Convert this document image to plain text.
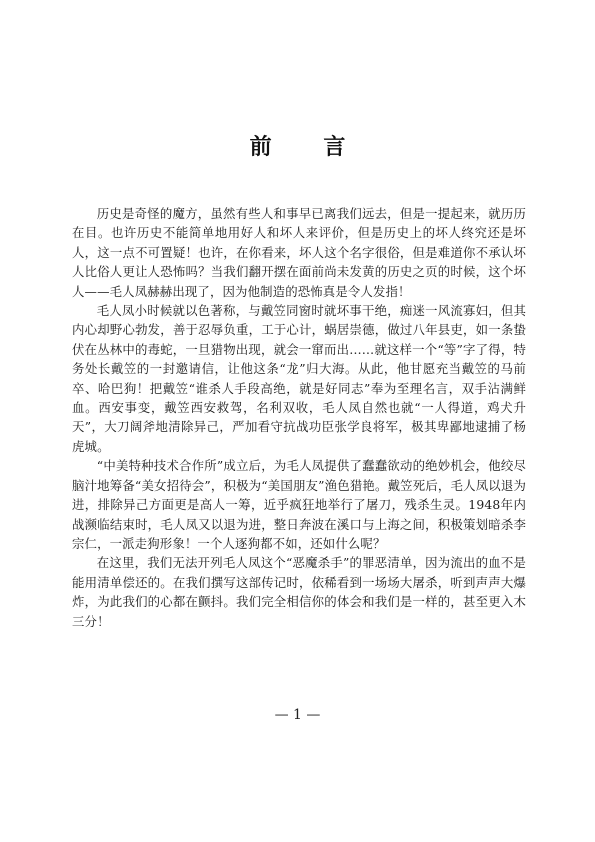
前 言

历史是奇怪的魔方，虽然有些人和事早已离我们远去，但是一提起来，就历历在目。也许历史不能简单地用好人和坏人来评价，但是历史上的坏人终究还是坏人，这一点不可置疑！也许，在你看来，坏人这个名字很俗，但是难道你不承认坏人比俗人更让人恐怖吗？当我们翻开摆在面前尚未发黄的历史之页的时候，这个坏人——毛人凤赫赫出现了，因为他制造的恐怖真是令人发指！

毛人凤小时候就以色著称，与戴笠同窗时就坏事干绝，痴迷一风流寡妇，但其内心却野心勃发，善于忍辱负重，工于心计，蜗居崇德，做过八年县吏，如一条蛰伏在丛林中的毒蛇，一旦猎物出现，就会一窜而出……就这样一个“等”字了得，特务处长戴笠的一封邀请信，让他这条“龙”归大海。从此，他甘愿充当戴笠的马前卒、哈巴狗！把戴笠“谁杀人手段高绝，就是好同志”奉为至理名言，双手沾满鲜血。西安事变，戴笠西安救驾，名利双收，毛人凤自然也就“一人得道，鸡犬升天”，大刀阔斧地清除异己，严加看守抗战功臣张学良将军，极其卑鄙地逮捕了杨虎城。

“中美特种技术合作所”成立后，为毛人凤提供了蠢蠢欲动的绝妙机会，他绞尽脑汁地筹备“美女招待会”，积极为“美国朋友”渔色猎艳。戴笠死后，毛人凤以退为进，排除异己方面更是高人一筹，近乎疯狂地举行了屠刀，残杀生灵。1948年内战濒临结束时，毛人凤又以退为进，整日奔波在溪口与上海之间，积极策划暗杀李宗仁，一派走狗形象！一个人逐狗都不如，还如什么呢？

在这里，我们无法开列毛人凤这个“恶魔杀手”的罪恶清单，因为流出的血不是能用清单偿还的。在我们撰写这部传记时，依稀看到一场场大屠杀，听到声声大爆炸，为此我们的心都在颤抖。我们完全相信你的体会和我们是一样的，甚至更入木三分！

— 1 —
